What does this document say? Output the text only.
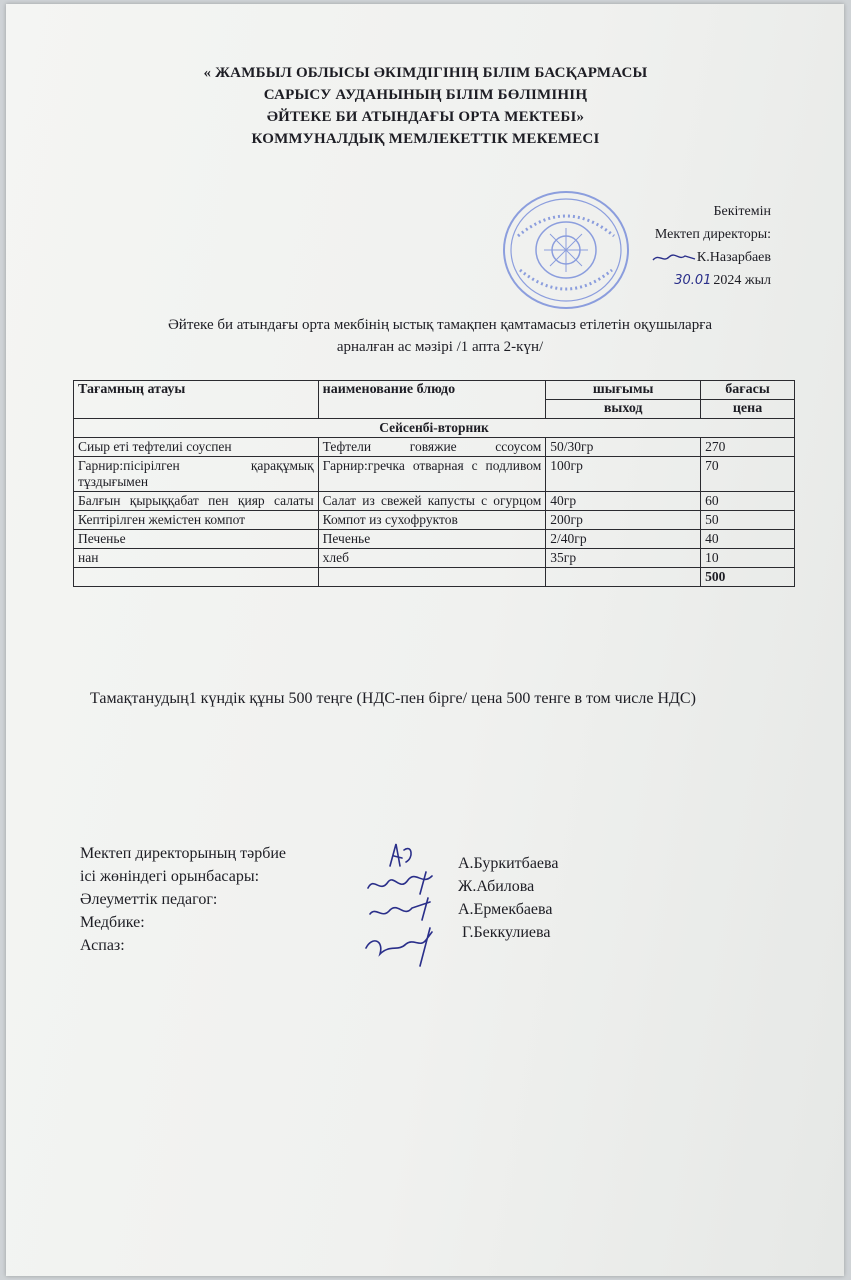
« ЖАМБЫЛ ОБЛЫСЫ ӘКІМДІГІНІҢ БІЛІМ БАСҚАРМАСЫ
САРЫСУ АУДАНЫНЫҢ БІЛІМ БӨЛІМІНІҢ
ӘЙТЕКЕ БИ АТЫНДАҒЫ ОРТА МЕКТЕБІ»
КОММУНАЛДЫҚ МЕМЛЕКЕТТІК МЕКЕМЕСІ
Бекітемін
Мектеп директоры:
К.Назарбаев
30.01 2024 жыл
Әйтеке би атындағы орта мекбінің ыстық тамақпен қамтамасыз етілетін оқушыларға
арналған ас мәзірі /1 апта 2-күн/
Тағамның атауы	наименование блюдо	шығымы	бағасы
		выход	цена
Сейсенбі-вторник			
Сиыр еті тефтелиі соуспен	Тефтели говяжие ссоусом	50/30гр	270
Гарнир:пісірілген қарақұмық тұздығымен	Гарнир:гречка отварная с подливом	100гр	70
Балғын қырыққабат пен қияр салаты	Салат из свежей капусты с огурцом	40гр	60
Кептірілген жемістен компот	Компот из сухофруктов	200гр	50
Печенье	Печенье	2/40гр	40
нан	хлеб	35гр	10
			500
Тамақтанудың1 күндік құны 500 теңге (НДС-пен бірге/ цена 500 тенге в том числе НДС)
Мектеп директорының тәрбие
ісі жөніндегі орынбасары:
Әлеуметтік педагог:
Медбике:
Аспаз:
А.Буркитбаева
Ж.Абилова
А.Ермекбаева
Г.Беккулиева
